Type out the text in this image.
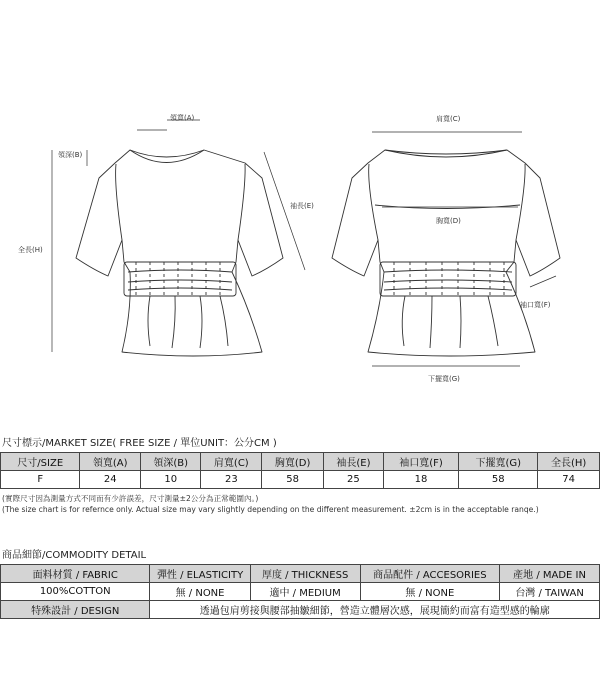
領寬(A)
領深(B)
袖長(E)
全長(H)
肩寬(C)
胸寬(D)
袖口寬(F)
下擺寬(G)
尺寸標示/MARKET SIZE( FREE SIZE / 單位UNIT：公分CM )
尺寸/SIZE	領寬(A)	領深(B)	肩寬(C)	胸寬(D)	袖長(E)	袖口寬(F)	下擺寬(G)	全長(H)
F	24	10	23	58	25	18	58	74
(實際尺寸因為測量方式不同而有少許誤差，尺寸測量±2公分為正常範圍內。)
(The size chart is for refernce only. Actual size may vary slightly depending on the different measurement. ±2cm is in the acceptable ranqe.)
商品細節/COMMODITY DETAIL
面料材質 / FABRIC	彈性 / ELASTICITY	厚度 / THICKNESS	商品配件 / ACCESORIES	產地 / MADE IN
100%COTTON	無 / NONE	適中 / MEDIUM	無 / NONE	台灣 / TAIWAN
特殊設計 / DESIGN	透過包肩剪接與腰部抽皺細節，營造立體層次感，展現簡約而富有造型感的輪廓			
